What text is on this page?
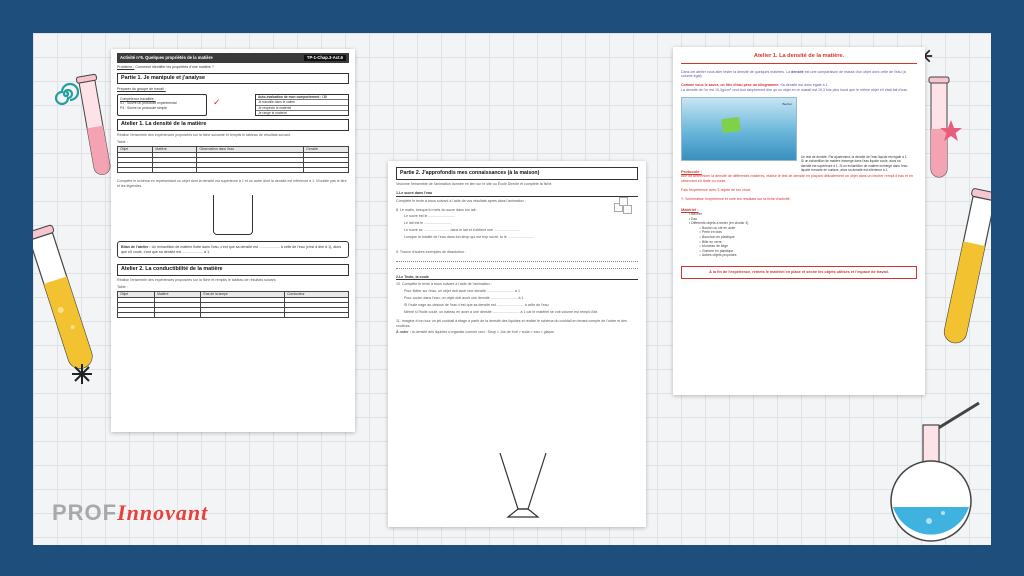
Activité n°6. Quelques propriétés de la matière	TP-1-Chap.3-Act.6
Problème : Comment identifier les propriétés d'une matière ?
Partie 1. Je manipule et j'analyse
Préparer du groupe de travail :
Compétence travaillée :
S1 : Suivre un protocole expérimental
P4 : Suivre un protocole simple
✓	Auto-évaluation de mon comportement : /10
Je travaille dans le calme
Je respecte le matériel
Je range le matériel
Atelier 1. La densité de la matière
Réalise l'ensemble des expériences proposées sur la fiche suivante et remplis le tableau de résultats suivant.
Table :
Objet	Matière	Observation dans l'eau	Densité

Complète le schéma en représentant un objet dont la densité est supérieure à 1 et un autre dont la densité est inférieure à 1. N'oublie pas le titre et les légendes.
Bilan de l'atelier : Un échantillon de matière flotte dans l'eau, c'est que sa densité est ..................... à celle de l'eau (c'est à dire à 1), alors que s'il coule, c'est que sa densité est ..................... à 1.
Atelier 2. La conductibilité de la matière
Réalise l'ensemble des expériences proposées sur la fiche et remplis le tableau de résultats suivant.
Table :
Objet	Matière	État de la lampe	Conducteur

Partie 2. J'approfondis mes connaissances (à la maison)
Visionne l'ensemble de l'animation donnée en lien sur le site ou École Directe et complète ta fiche.
1.Le sucre dans l'eau
Complète le texte à trous suivant à l'aide de vos résultats après dans l'animation :
8. Le matin, lorsque tu mets du sucre dans ton lait :
Le sucre est le ...........................
Le lait est le ...........................
Le sucré se .......................... dans le lait et s'obtient une ..........................
Lorsque la totalité de l'eau dans ton sirop qui est trop sucré, tu le ..........................
9. Trouve d'autres exemples de dissolution :
2.Le Texto, la coule
10. Complète le texte à trous suivant à l'aide de l'animation :
Pour flotter sur l'eau, un objet doit avoir une densité ........................... à 1
Pour couler dans l'eau, un objet doit avoir une densité ........................... à 1
Si l'huile nage au-dessus de l'eau c'est que sa densité est ........................... à celle de l'eau
Même si l'huile coule, un bateau en acier a une densité ........................... à 1 car le matériel se voit volume est rempli d'air.
11. Imagine à ton tour un jeli cocktail à étage à partir de la densité des liquides et réalise le schéma du cocktail en tenant compte de l'ordre et des couleurs.
À noter : la densité des liquides s'organise comme ceci : Sirop > Jus de fruit > soda > eau > glaçon
Atelier 1. La densité de la matière.
Dans cet atelier vous aller tester la densité de quelques matières. La densité est une comparaison de masse d'un objet avec celle de l'eau (à volume égal).
Comme vous le savez, un litre d'eau pèse un kilogramme. Sa densité est donc égale à 1.
La densité de l'or est 19,3g/cm³ veut tout simplement dire qu'un objet en or massif est 19,3 fois plus lourd que le même objet s'il était fait d'eau.
Becher
Un test de densité. Par ajustement, la densité de l'eau liquide est égale à 1. Si un échantillon de matière immergé dans l'eau liquide coule, alors sa densité est supérieure à 1. Si un échantillon de matière immergé dans l'eau liquide remonte en surface, alors sa densité est inférieure à 1.
Protocole :
Afin de déterminer la densité de différentes matières, réalise le test de densité en plaçant délicatement un objet dans un becher rempli d'eau et en observant s'il flotte ou coule.
Fais l'expérience avec 5 objets de ton choix
✎ Schématise l'expérience et note tes résultats sur ta fiche d'activité.
Matériel :
• Bécher
• Eau
• Différents objets à tester (en choisir 4)
○ Boulon ou clé en acier
○ Perle en bois
○ Bouchon en plastique
○ Bille en verre
○ Morceau de liège
○ Gomme en plastique
○ Autres objets proposés
À la fin de l'expérience, remets le matériel en place et sèche les objets utilisés et l'espace de travail.
PROFInnovant
